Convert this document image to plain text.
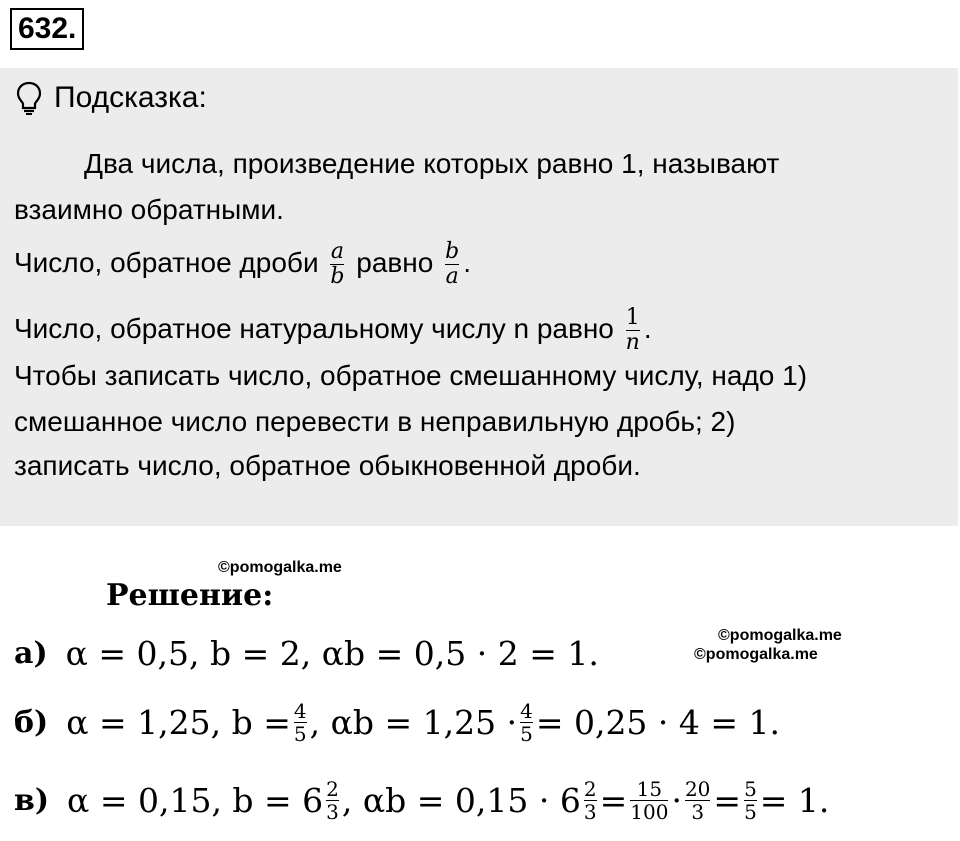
632.
Подсказка:
Два числа, произведение которых равно 1, называют
взаимно обратными.
Число, обратное дроби $\frac{a}{b}$ равно $\frac{b}{a}$ .
Число, обратное натуральному числу n равно $\frac{1}{n}$ .
Чтобы записать число, обратное смешанному числу, надо 1)
смешанное число перевести в неправильную дробь; 2)
записать число, обратное обыкновенной дроби.
©pomogalka.me
©pomogalka.me
©pomogalka.me
Решение:
а) α = 0,5, b = 2, αb = 0,5 · 2 = 1.
б) α = 1,25, b = 4
5 , αb = 1,25 · 4
5 = 0,25 · 4 = 1.
в) α = 0,15, b = 6 2
3 , αb = 0,15 · 6 2
3 = 15
100 · 20
3 = 5
5 = 1.
